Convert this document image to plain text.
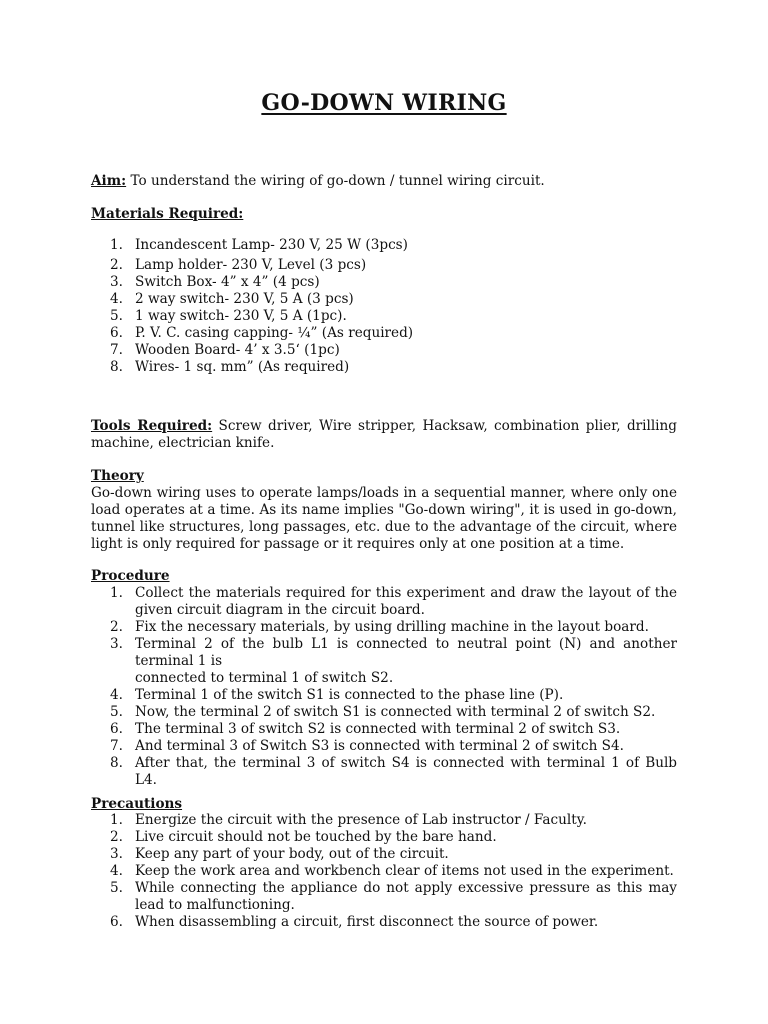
GO-DOWN WIRING

Aim: To understand the wiring of go-down / tunnel wiring circuit.

Materials Required:

1. Incandescent Lamp- 230 V, 25 W (3pcs)
2. Lamp holder- 230 V, Level (3 pcs)
3. Switch Box- 4” x 4” (4 pcs)
4. 2 way switch- 230 V, 5 A (3 pcs)
5. 1 way switch- 230 V, 5 A (1pc).
6. P. V. C. casing capping- ¼” (As required)
7. Wooden Board- 4’ x 3.5‘ (1pc)
8. Wires- 1 sq. mm” (As required)

Tools Required: Screw driver, Wire stripper, Hacksaw, combination plier, drilling machine, electrician knife.

Theory

Go-down wiring uses to operate lamps/loads in a sequential manner, where only one load operates at a time. As its name implies "Go-down wiring", it is used in go-down, tunnel like structures, long passages, etc. due to the advantage of the circuit, where light is only required for passage or it requires only at one position at a time.

Procedure

1. Collect the materials required for this experiment and draw the layout of the given circuit diagram in the circuit board.
2. Fix the necessary materials, by using drilling machine in the layout board.
3. Terminal 2 of the bulb L1 is connected to neutral point (N) and another terminal 1 is
connected to terminal 1 of switch S2.
4. Terminal 1 of the switch S1 is connected to the phase line (P).
5. Now, the terminal 2 of switch S1 is connected with terminal 2 of switch S2.
6. The terminal 3 of switch S2 is connected with terminal 2 of switch S3.
7. And terminal 3 of Switch S3 is connected with terminal 2 of switch S4.
8. After that, the terminal 3 of switch S4 is connected with terminal 1 of Bulb L4.

Precautions

1. Energize the circuit with the presence of Lab instructor / Faculty.
2. Live circuit should not be touched by the bare hand.
3. Keep any part of your body, out of the circuit.
4. Keep the work area and workbench clear of items not used in the experiment.
5. While connecting the appliance do not apply excessive pressure as this may lead to malfunctioning.
6. When disassembling a circuit, first disconnect the source of power.
